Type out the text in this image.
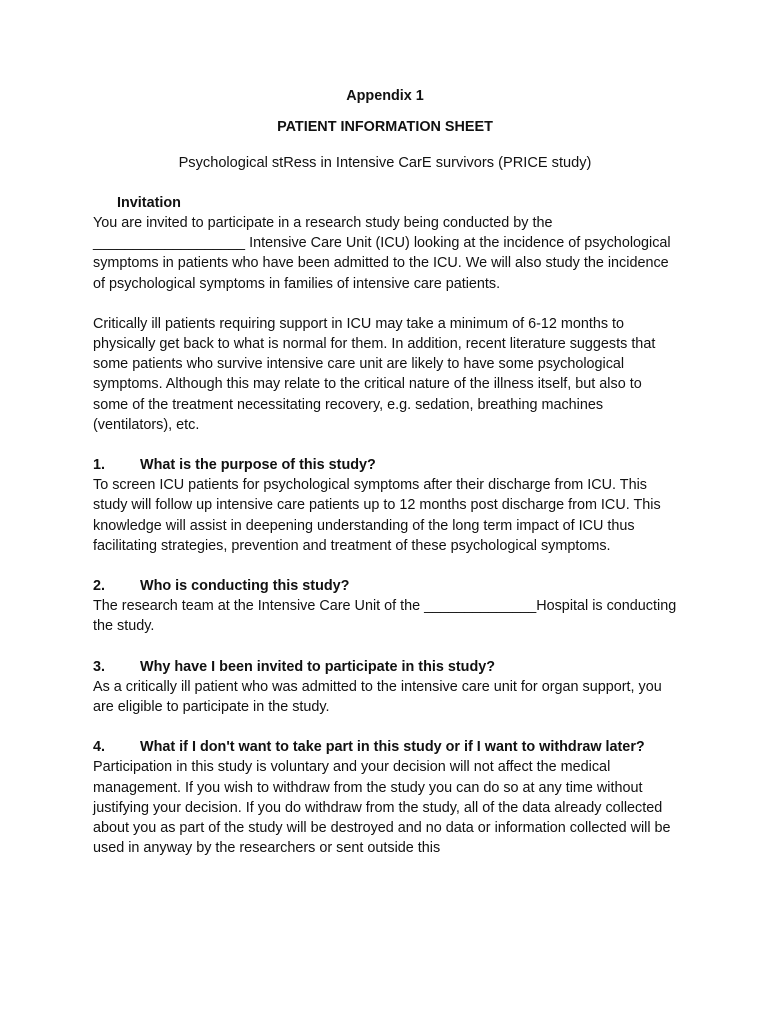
Appendix 1

PATIENT INFORMATION SHEET

Psychological stRess in Intensive CarE survivors (PRICE study)

Invitation

You are invited to participate in a research study being conducted by the
___________________ Intensive Care Unit (ICU) looking at the incidence of psychological symptoms in patients who have been admitted to the ICU. We will also study the incidence of psychological symptoms in families of intensive care patients.

Critically ill patients requiring support in ICU may take a minimum of 6-12 months to physically get back to what is normal for them. In addition, recent literature suggests that some patients who survive intensive care unit are likely to have some psychological symptoms. Although this may relate to the critical nature of the illness itself, but also to some of the treatment necessitating recovery, e.g. sedation, breathing machines (ventilators), etc.

1. What is the purpose of this study?

To screen ICU patients for psychological symptoms after their discharge from ICU. This study will follow up intensive care patients up to 12 months post discharge from ICU. This knowledge will assist in deepening understanding of the long term impact of ICU thus facilitating strategies, prevention and treatment of these psychological symptoms.

2. Who is conducting this study?

The research team at the Intensive Care Unit of the ______________Hospital is conducting the study.

3. Why have I been invited to participate in this study?

As a critically ill patient who was admitted to the intensive care unit for organ support, you are eligible to participate in the study.

4. What if I don't want to take part in this study or if I want to withdraw later?

Participation in this study is voluntary and your decision will not affect the medical management. If you wish to withdraw from the study you can do so at any time without justifying your decision. If you do withdraw from the study, all of the data already collected about you as part of the study will be destroyed and no data or information collected will be used in anyway by the researchers or sent outside this
